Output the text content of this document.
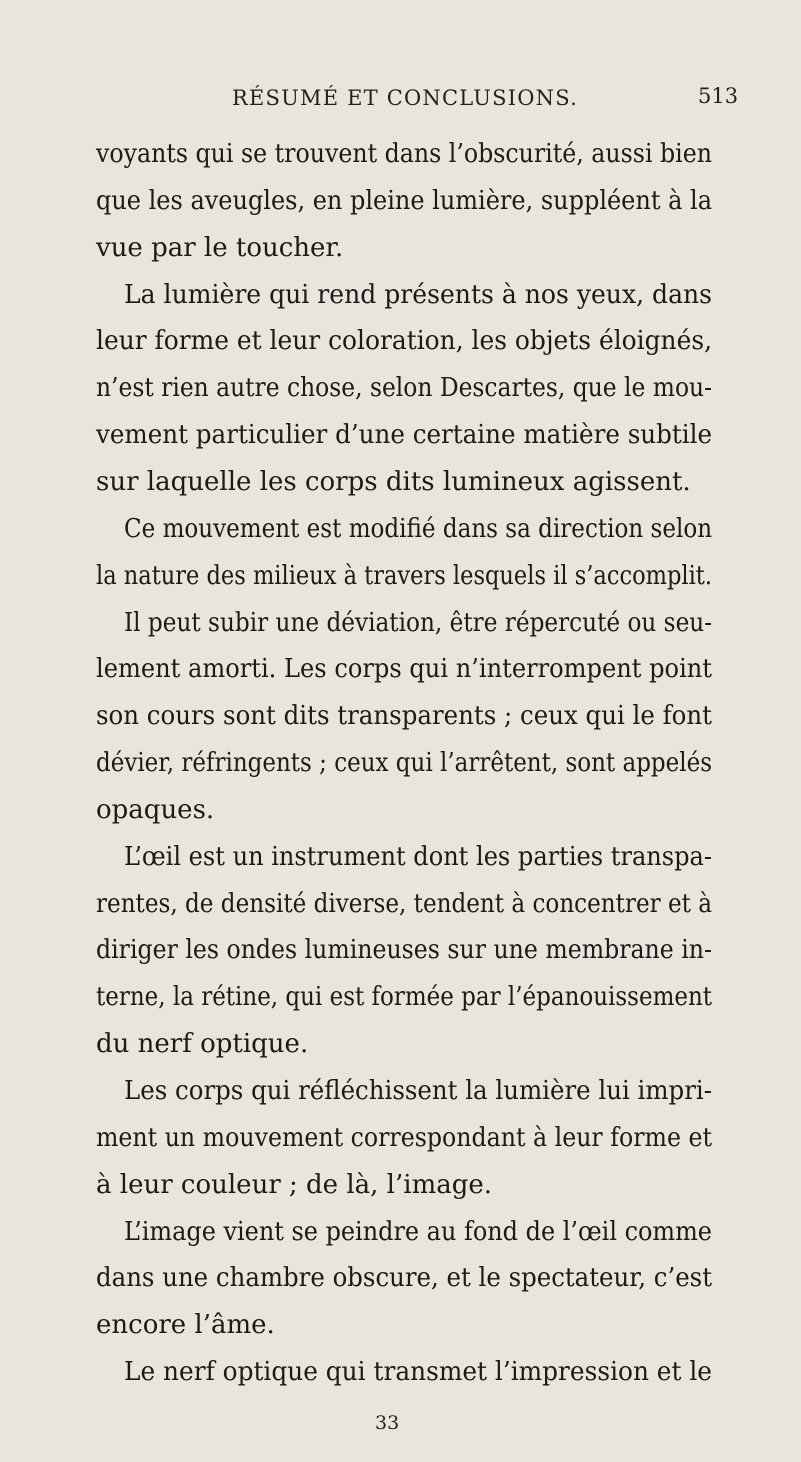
RÉSUMÉ ET CONCLUSIONS.	513
voyants qui se trouvent dans l’obscurité, aussi bien
que les aveugles, en pleine lumière, suppléent à la
vue par le toucher.
La lumière qui rend présents à nos yeux, dans
leur forme et leur coloration, les objets éloignés,
n’est rien autre chose, selon Descartes, que le mou-
vement particulier d’une certaine matière subtile
sur laquelle les corps dits lumineux agissent.
Ce mouvement est modifié dans sa direction selon
la nature des milieux à travers lesquels il s’accomplit.
Il peut subir une déviation, être répercuté ou seu-
lement amorti. Les corps qui n’interrompent point
son cours sont dits transparents ; ceux qui le font
dévier, réfringents ; ceux qui l’arrêtent, sont appelés
opaques.
L’œil est un instrument dont les parties transpa-
rentes, de densité diverse, tendent à concentrer et à
diriger les ondes lumineuses sur une membrane in-
terne, la rétine, qui est formée par l’épanouissement
du nerf optique.
Les corps qui réfléchissent la lumière lui impri-
ment un mouvement correspondant à leur forme et
à leur couleur ; de là, l’image.
L’image vient se peindre au fond de l’œil comme
dans une chambre obscure, et le spectateur, c’est
encore l’âme.
Le nerf optique qui transmet l’impression et le
33
